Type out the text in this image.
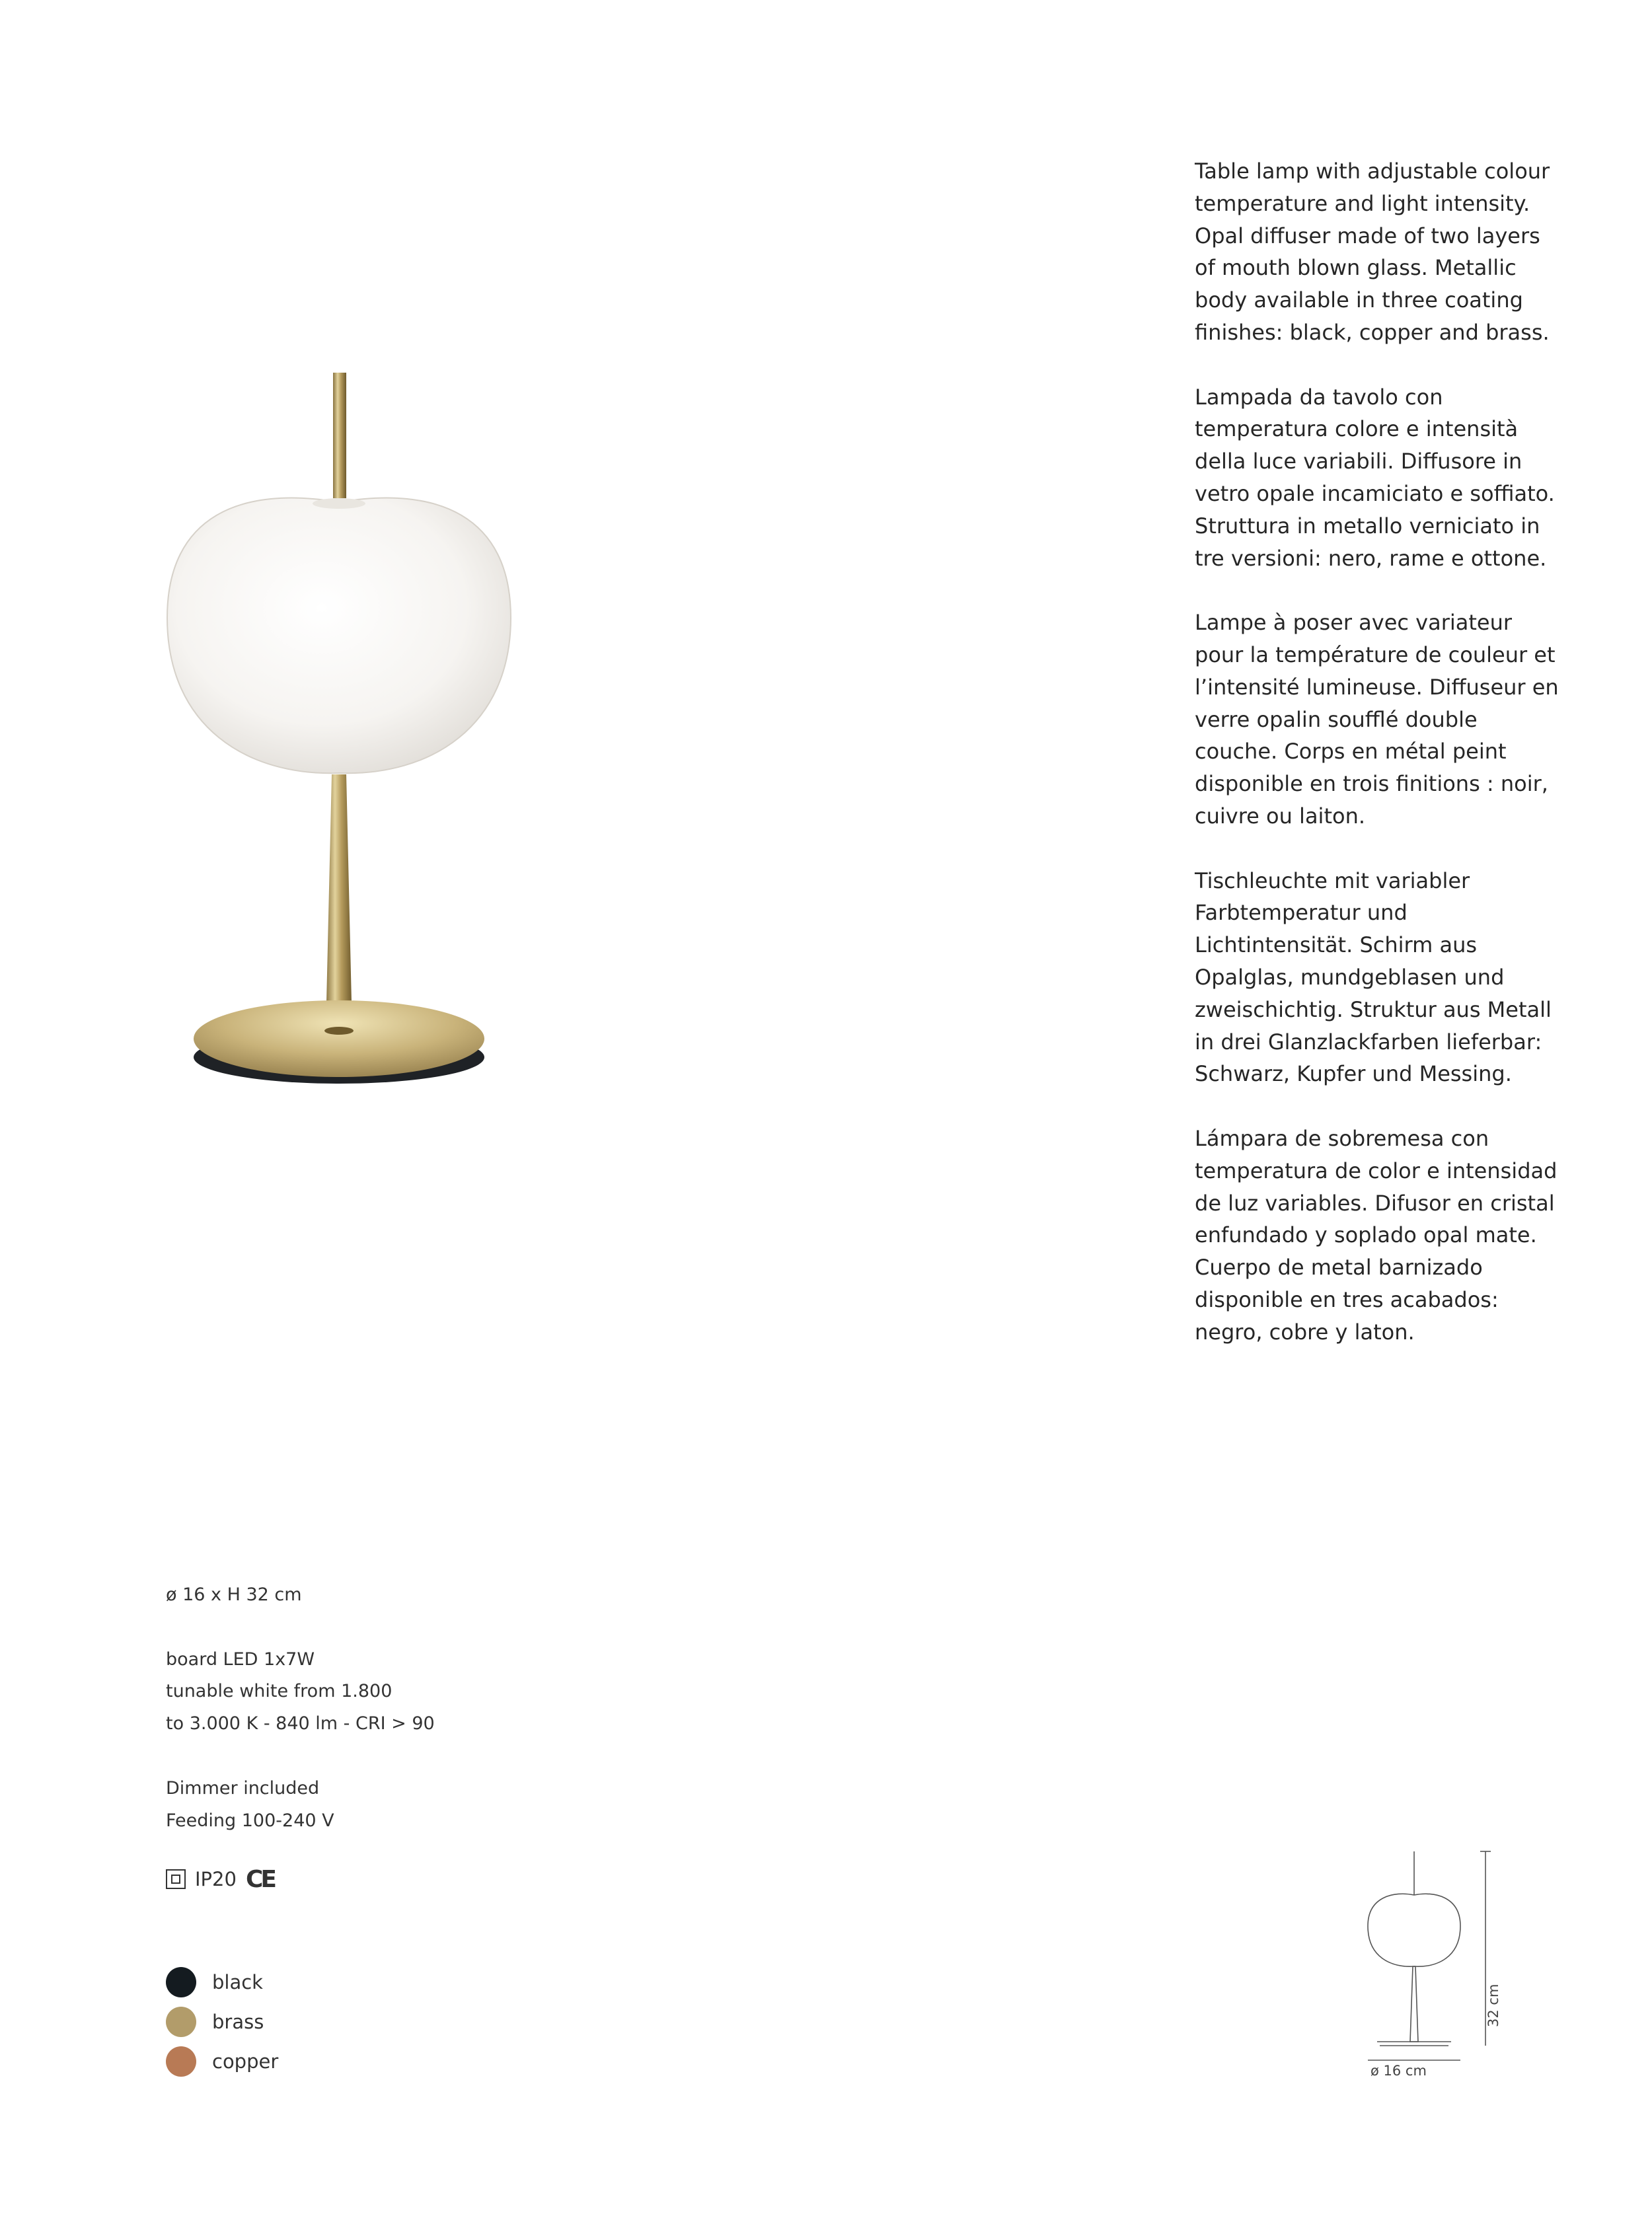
Table lamp with adjustable colour temperature and light intensity. Opal diffuser made of two layers of mouth blown glass. Metallic body available in three coating finishes: black, copper and brass.

Lampada da tavolo con temperatura colore e intensità della luce variabili. Diffusore in vetro opale incamiciato e soffiato. Struttura in metallo verniciato in tre versioni: nero, rame e ottone.

Lampe à poser avec variateur pour la température de couleur et l’intensité lumineuse. Diffuseur en verre opalin soufflé double couche. Corps en métal peint disponible en trois finitions : noir, cuivre ou laiton.

Tischleuchte mit variabler Farbtemperatur und Lichtintensität. Schirm aus Opalglas, mundgeblasen und zweischichtig. Struktur aus Metall in drei Glanzlackfarben lieferbar: Schwarz, Kupfer und Messing.

Lámpara de sobremesa con temperatura de color e intensidad de luz variables. Difusor en cristal enfundado y soplado opal mate. Cuerpo de metal barnizado disponible en tres acabados: negro, cobre y laton.

ø 16 x H 32 cm

board LED 1x7W
tunable white from 1.800
to 3.000 K - 840 lm - CRI > 90

Dimmer included
Feeding 100-240 V

IP20 CE
black
brass
copper
32 cm
ø 16 cm
